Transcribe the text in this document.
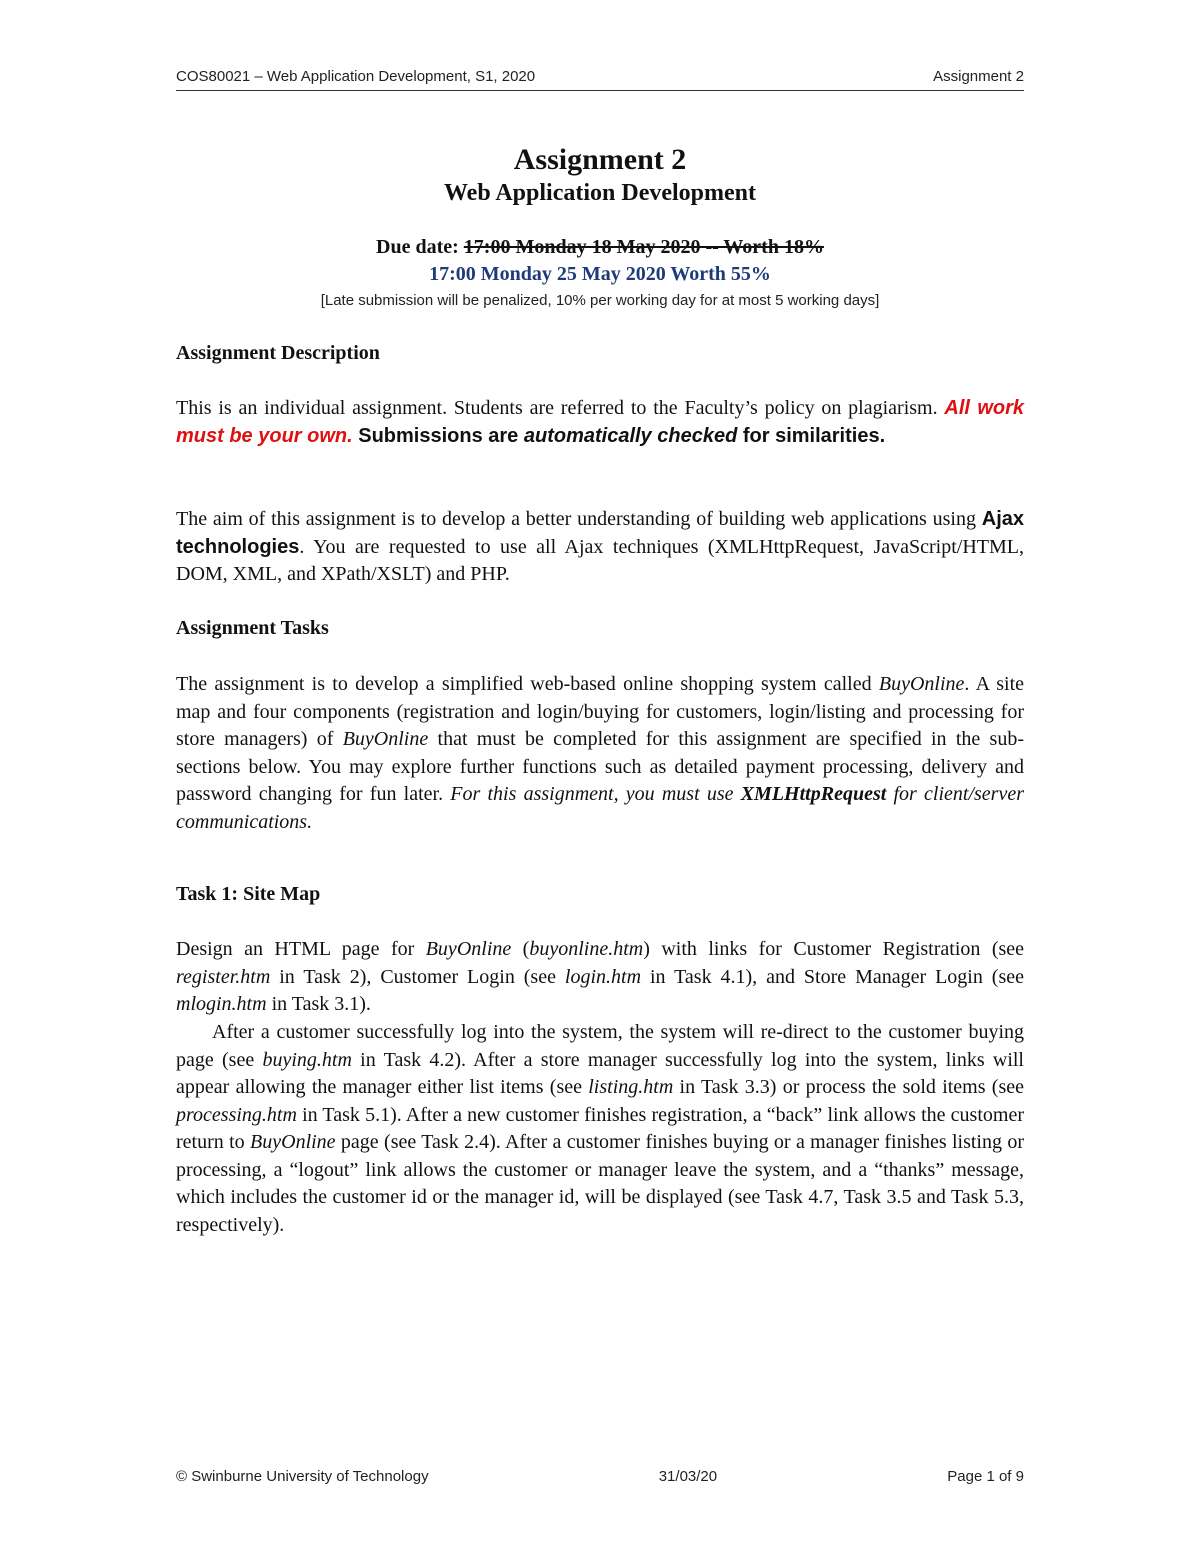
COS80021 – Web Application Development, S1, 2020	Assignment 2
Assignment 2
Web Application Development
Due date: 17:00 Monday 18 May 2020 -- Worth 18%
17:00 Monday 25 May 2020 Worth 55%
[Late submission will be penalized, 10% per working day for at most 5 working days]
Assignment Description
This is an individual assignment. Students are referred to the Faculty’s policy on plagiarism. All work must be your own. Submissions are automatically checked for similarities.
The aim of this assignment is to develop a better understanding of building web applications using Ajax technologies. You are requested to use all Ajax techniques (XMLHttpRequest, JavaScript/HTML, DOM, XML, and XPath/XSLT) and PHP.
Assignment Tasks
The assignment is to develop a simplified web-based online shopping system called BuyOnline. A site map and four components (registration and login/buying for customers, login/listing and processing for store managers) of BuyOnline that must be completed for this assignment are specified in the sub-sections below. You may explore further functions such as detailed payment processing, delivery and password changing for fun later. For this assignment, you must use XMLHttpRequest for client/server communications.
Task 1: Site Map
Design an HTML page for BuyOnline (buyonline.htm) with links for Customer Registration (see register.htm in Task 2), Customer Login (see login.htm in Task 4.1), and Store Manager Login (see mlogin.htm in Task 3.1).
After a customer successfully log into the system, the system will re-direct to the customer buying page (see buying.htm in Task 4.2). After a store manager successfully log into the system, links will appear allowing the manager either list items (see listing.htm in Task 3.3) or process the sold items (see processing.htm in Task 5.1). After a new customer finishes registration, a “back” link allows the customer return to BuyOnline page (see Task 2.4). After a customer finishes buying or a manager finishes listing or processing, a “logout” link allows the customer or manager leave the system, and a “thanks” message, which includes the customer id or the manager id, will be displayed (see Task 4.7, Task 3.5 and Task 5.3, respectively).
© Swinburne University of Technology	31/03/20	Page 1 of 9
